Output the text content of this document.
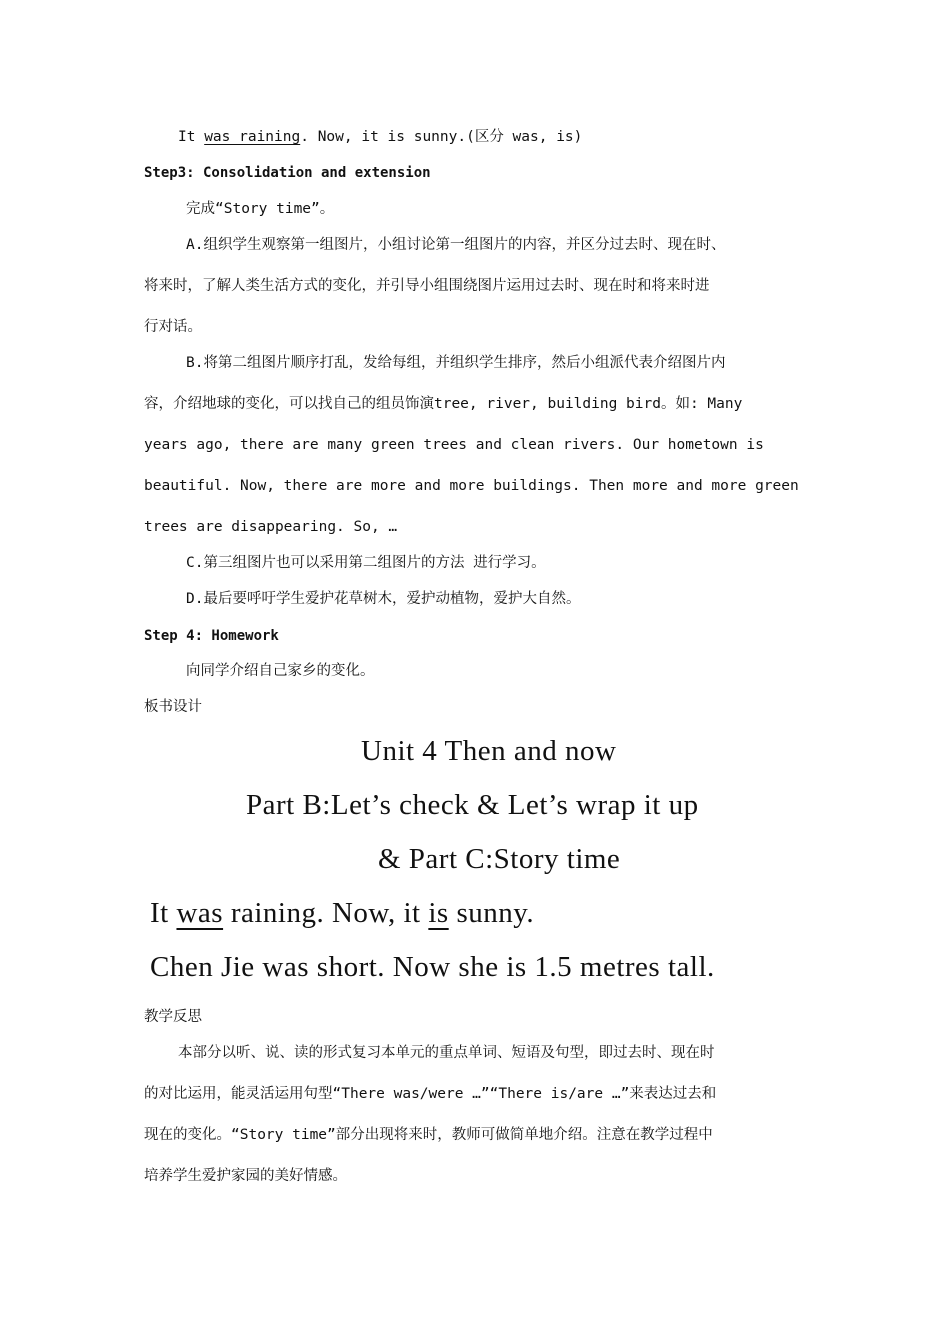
It was raining. Now, it is sunny.(区分 was, is)
Step3: Consolidation and extension
完成“Story time”。
A.组织学生观察第一组图片，小组讨论第一组图片的内容，并区分过去时、现在时、
将来时，了解人类生活方式的变化，并引导小组围绕图片运用过去时、现在时和将来时进
行对话。
B.将第二组图片顺序打乱，发给每组，并组织学生排序，然后小组派代表介绍图片内
容，介绍地球的变化，可以找自己的组员饰演tree, river, building bird。如: Many
years ago, there are many green trees and clean rivers. Our hometown is
beautiful. Now, there are more and more buildings. Then more and more green
trees are disappearing. So, …
C.第三组图片也可以采用第二组图片的方法 进行学习。
D.最后要呼吁学生爱护花草树木，爱护动植物，爱护大自然。
Step 4: Homework
向同学介绍自己家乡的变化。
板书设计
Unit 4 Then and now
Part B:Let’s check & Let’s wrap it up
& Part C:Story time
It was raining. Now, it is sunny.
Chen Jie was short. Now she is 1.5 metres tall.
教学反思
本部分以听、说、读的形式复习本单元的重点单词、短语及句型，即过去时、现在时
的对比运用，能灵活运用句型“There was/were …”“There is/are …”来表达过去和
现在的变化。“Story time”部分出现将来时，教师可做简单地介绍。注意在教学过程中
培养学生爱护家园的美好情感。
